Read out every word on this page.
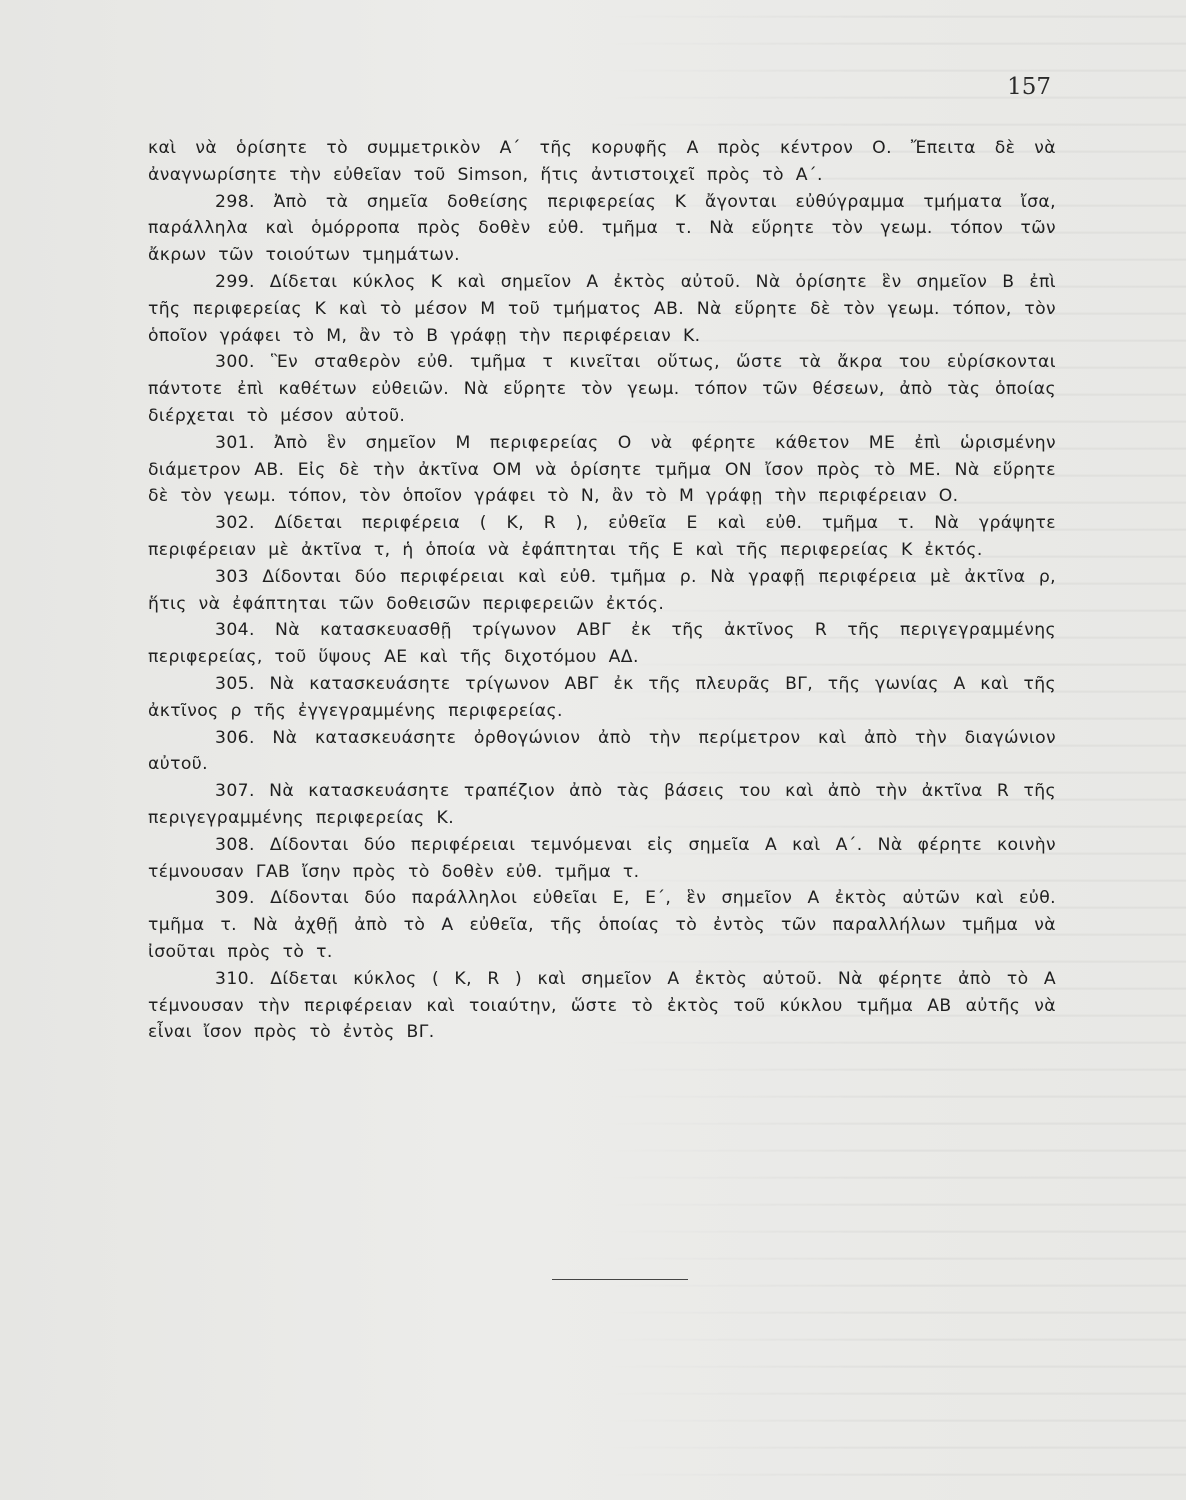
157

καὶ νὰ ὁρίσητε τὸ συμμετρικὸν Α΄ τῆς κορυφῆς Α πρὸς κέντρον Ο. Ἔπειτα δὲ νὰ ἀναγνωρίσητε τὴν εὐθεῖαν τοῦ Simson, ἥτις ἀντιστοιχεῖ πρὸς τὸ Α΄.

298. Ἀπὸ τὰ σημεῖα δοθείσης περιφερείας Κ ἄγονται εὐθύγραμμα τμήματα ἴσα, παράλληλα καὶ ὁμόρροπα πρὸς δοθὲν εὐθ. τμῆμα τ. Νὰ εὕρητε τὸν γεωμ. τόπον τῶν ἄκρων τῶν τοιούτων τμημάτων.

299. Δίδεται κύκλος Κ καὶ σημεῖον Α ἐκτὸς αὐτοῦ. Νὰ ὁρίσητε ἓν σημεῖον Β ἐπὶ τῆς περιφερείας Κ καὶ τὸ μέσον Μ τοῦ τμήματος ΑΒ. Νὰ εὕρητε δὲ τὸν γεωμ. τόπον, τὸν ὁποῖον γράφει τὸ Μ, ἂν τὸ Β γράφῃ τὴν περιφέρειαν Κ.

300. Ἓν σταθερὸν εὐθ. τμῆμα τ κινεῖται οὕτως, ὥστε τὰ ἄκρα του εὑρίσκονται πάντοτε ἐπὶ καθέτων εὐθειῶν. Νὰ εὕρητε τὸν γεωμ. τόπον τῶν θέσεων, ἀπὸ τὰς ὁποίας διέρχεται τὸ μέσον αὐτοῦ.

301. Ἀπὸ ἓν σημεῖον Μ περιφερείας Ο νὰ φέρητε κάθετον ΜΕ ἐπὶ ὡρισμένην διάμετρον ΑΒ. Εἰς δὲ τὴν ἀκτῖνα ΟΜ νὰ ὁρίσητε τμῆμα ΟΝ ἴσον πρὸς τὸ ΜΕ. Νὰ εὕρητε δὲ τὸν γεωμ. τόπον, τὸν ὁποῖον γράφει τὸ Ν, ἂν τὸ Μ γράφῃ τὴν περιφέρειαν Ο.

302. Δίδεται περιφέρεια ( Κ, R ), εὐθεῖα Ε καὶ εὐθ. τμῆμα τ. Νὰ γράψητε περιφέρειαν μὲ ἀκτῖνα τ, ἡ ὁποία νὰ ἐφάπτηται τῆς Ε καὶ τῆς περιφερείας Κ ἐκτός.

303 Δίδονται δύο περιφέρειαι καὶ εὐθ. τμῆμα ρ. Νὰ γραφῇ περιφέρεια μὲ ἀκτῖνα ρ, ἥτις νὰ ἐφάπτηται τῶν δοθεισῶν περιφερειῶν ἐκτός.

304. Νὰ κατασκευασθῇ τρίγωνον ΑΒΓ ἐκ τῆς ἀκτῖνος R τῆς περιγεγραμμένης περιφερείας, τοῦ ὕψους ΑΕ καὶ τῆς διχοτόμου ΑΔ.

305. Νὰ κατασκευάσητε τρίγωνον ΑΒΓ ἐκ τῆς πλευρᾶς ΒΓ, τῆς γωνίας Α καὶ τῆς ἀκτῖνος ρ τῆς ἐγγεγραμμένης περιφερείας.

306. Νὰ κατασκευάσητε ὀρθογώνιον ἀπὸ τὴν περίμετρον καὶ ἀπὸ τὴν διαγώνιον αὐτοῦ.

307. Νὰ κατασκευάσητε τραπέζιον ἀπὸ τὰς βάσεις του καὶ ἀπὸ τὴν ἀκτῖνα R τῆς περιγεγραμμένης περιφερείας Κ.

308. Δίδονται δύο περιφέρειαι τεμνόμεναι εἰς σημεῖα Α καὶ Α΄. Νὰ φέρητε κοινὴν τέμνουσαν ΓΑΒ ἴσην πρὸς τὸ δοθὲν εὐθ. τμῆμα τ.

309. Δίδονται δύο παράλληλοι εὐθεῖαι Ε, Ε΄, ἓν σημεῖον Α ἐκτὸς αὐτῶν καὶ εὐθ. τμῆμα τ. Νὰ ἀχθῇ ἀπὸ τὸ Α εὐθεῖα, τῆς ὁποίας τὸ ἐντὸς τῶν παραλλήλων τμῆμα νὰ ἰσοῦται πρὸς τὸ τ.

310. Δίδεται κύκλος ( Κ, R ) καὶ σημεῖον Α ἐκτὸς αὐτοῦ. Νὰ φέρητε ἀπὸ τὸ Α τέμνουσαν τὴν περιφέρειαν καὶ τοιαύτην, ὥστε τὸ ἐκτὸς τοῦ κύκλου τμῆμα ΑΒ αὐτῆς νὰ εἶναι ἴσον πρὸς τὸ ἐντὸς ΒΓ.
